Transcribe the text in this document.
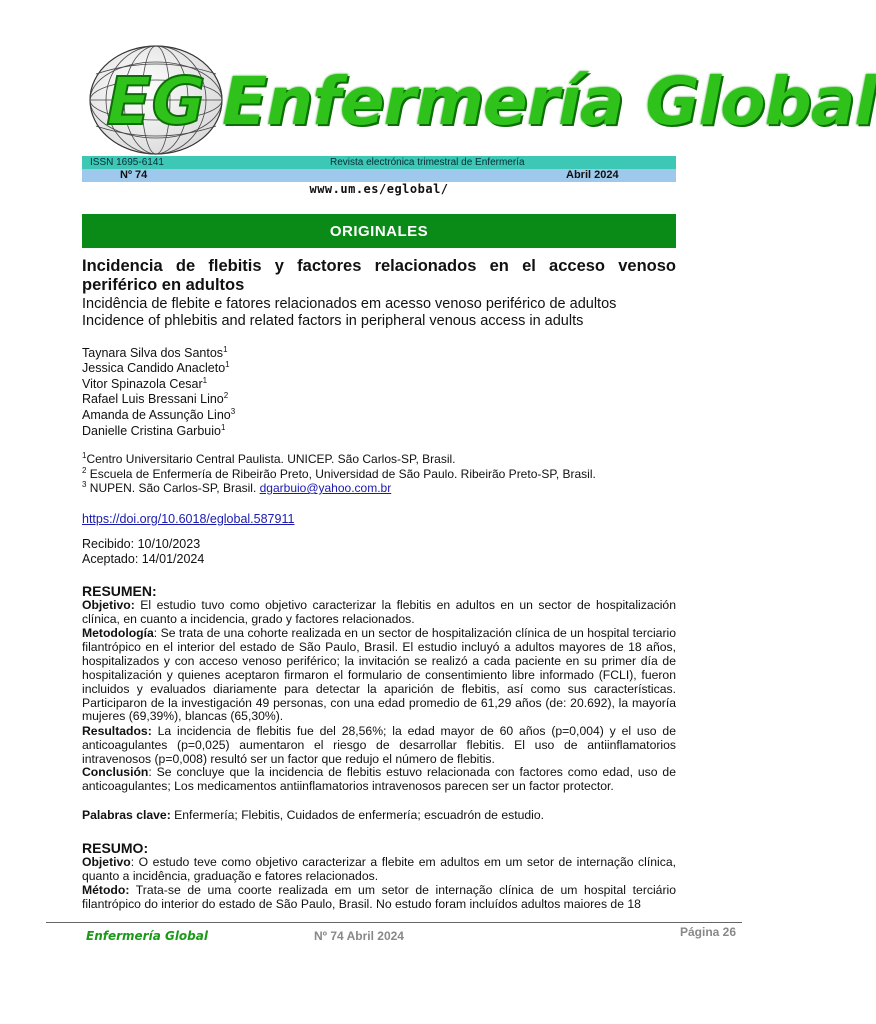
EG Enfermería Global
ISSN 1695-6141	Revista electrónica trimestral de Enfermería
Nº 74	Abril 2024
www.um.es/eglobal/
ORIGINALES
Incidencia de flebitis y factores relacionados en el acceso venoso periférico en adultos
Incidência de flebite e fatores relacionados em acesso venoso periférico de adultos
Incidence of phlebitis and related factors in peripheral venous access in adults
Taynara Silva dos Santos$^1$
Jessica Candido Anacleto$^1$
Vitor Spinazola Cesar$^1$
Rafael Luis Bressani Lino$^2$
Amanda de Assunção Lino$^3$
Danielle Cristina Garbuio$^1$
$^1$Centro Universitario Central Paulista. UNICEP. São Carlos-SP, Brasil.
$^2$ Escuela de Enfermería de Ribeirão Preto, Universidad de São Paulo. Ribeirão Preto-SP, Brasil.
$^3$ NUPEN. São Carlos-SP, Brasil. dgarbuio@yahoo.com.br
https://doi.org/10.6018/eglobal.587911
Recibido: 10/10/2023
Aceptado: 14/01/2024
RESUMEN:
Objetivo: El estudio tuvo como objetivo caracterizar la flebitis en adultos en un sector de hospitalización clínica, en cuanto a incidencia, grado y factores relacionados.
Metodología: Se trata de una cohorte realizada en un sector de hospitalización clínica de un hospital terciario filantrópico en el interior del estado de São Paulo, Brasil. El estudio incluyó a adultos mayores de 18 años, hospitalizados y con acceso venoso periférico; la invitación se realizó a cada paciente en su primer día de hospitalización y quienes aceptaron firmaron el formulario de consentimiento libre informado (FCLI), fueron incluidos y evaluados diariamente para detectar la aparición de flebitis, así como sus características. Participaron de la investigación 49 personas, con una edad promedio de 61,29 años (de: 20.692), la mayoría mujeres (69,39%), blancas (65,30%).
Resultados: La incidencia de flebitis fue del 28,56%; la edad mayor de 60 años (p=0,004) y el uso de anticoagulantes (p=0,025) aumentaron el riesgo de desarrollar flebitis. El uso de antiinflamatorios intravenosos (p=0,008) resultó ser un factor que redujo el número de flebitis.
Conclusión: Se concluye que la incidencia de flebitis estuvo relacionada con factores como edad, uso de anticoagulantes; Los medicamentos antiinflamatorios intravenosos parecen ser un factor protector.
Palabras clave: Enfermería; Flebitis, Cuidados de enfermería; escuadrón de estudio.
RESUMO:
Objetivo: O estudo teve como objetivo caracterizar a flebite em adultos em um setor de internação clínica, quanto a incidência, graduação e fatores relacionados.
Método: Trata-se de uma coorte realizada em um setor de internação clínica de um hospital terciário filantrópico do interior do estado de São Paulo, Brasil. No estudo foram incluídos adultos maiores de 18
Enfermería Global	Nº 74 Abril 2024	Página 26
